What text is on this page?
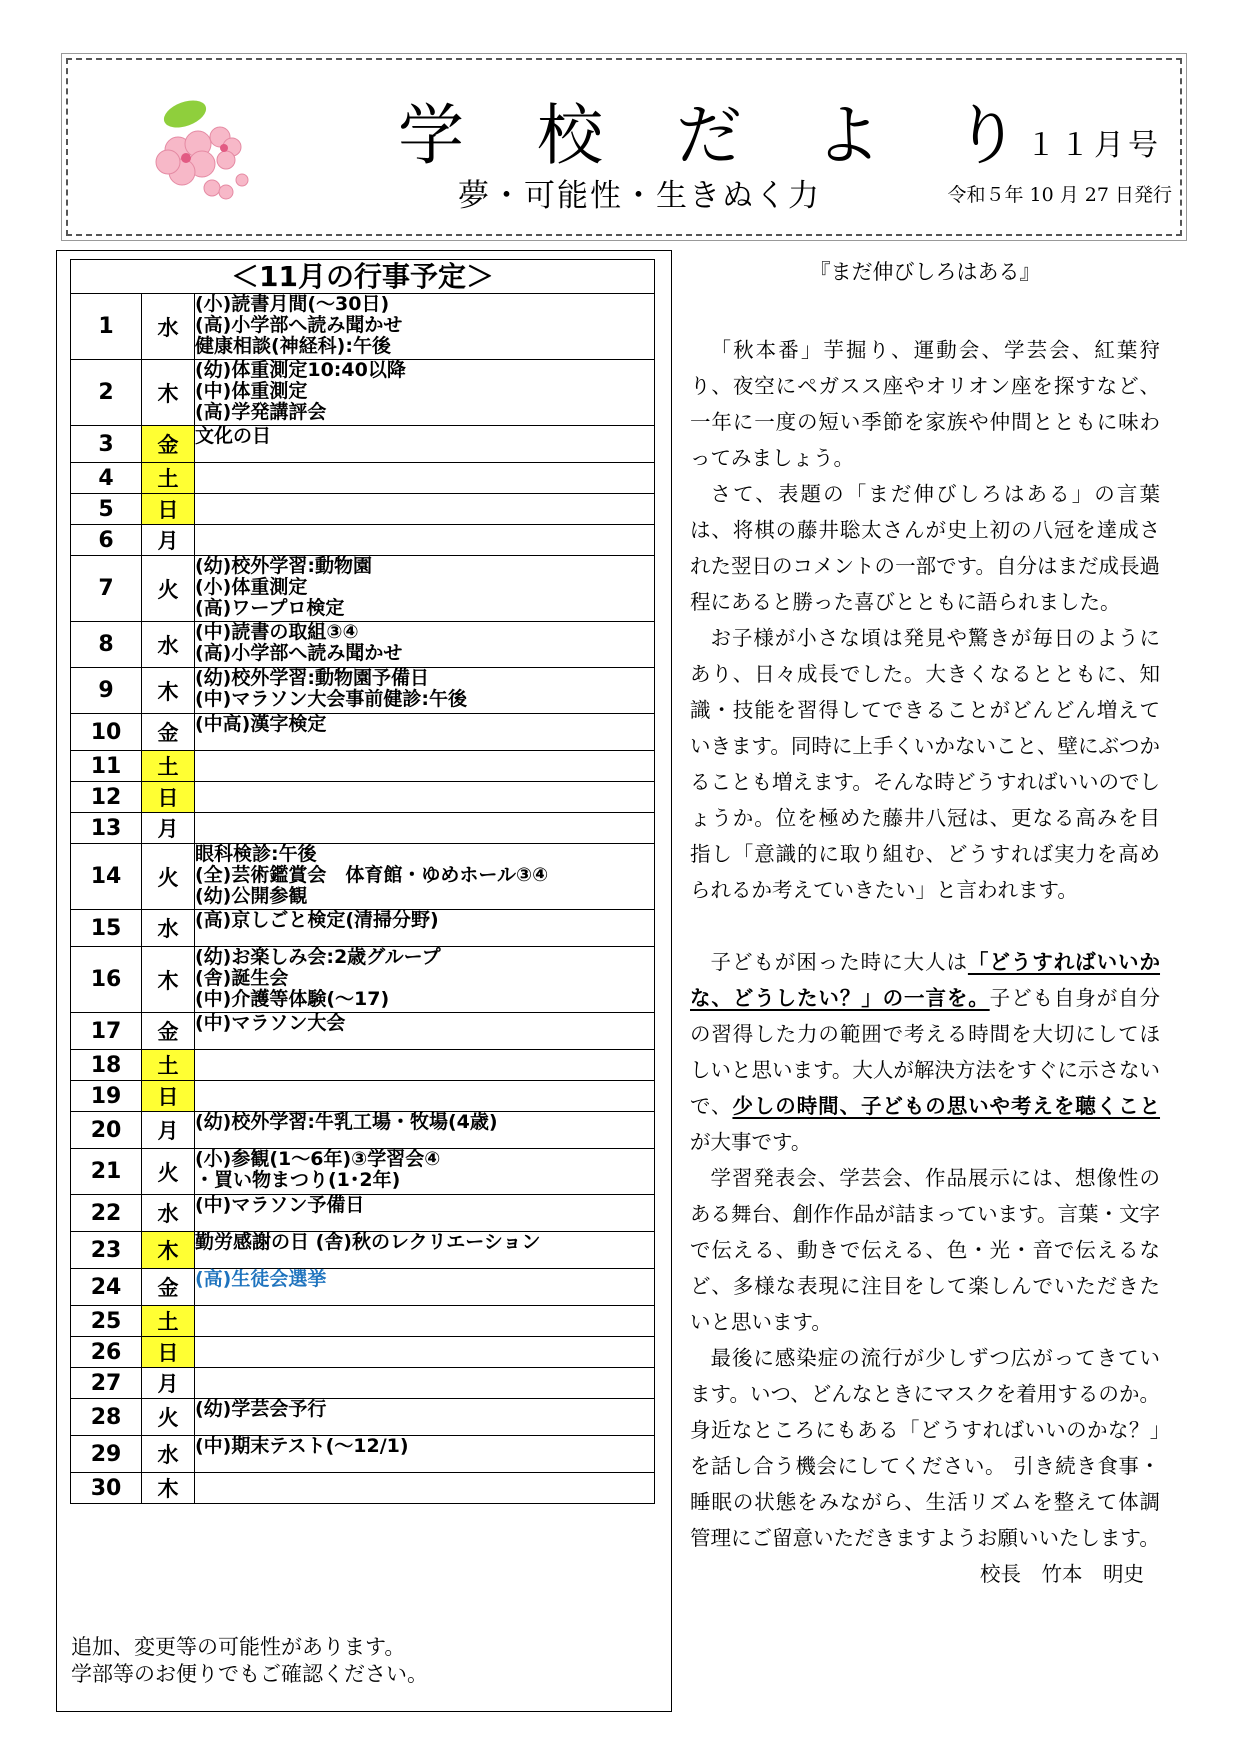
学 校 だ よ り
１１月号
夢・可能性・生きぬく力	令和５年 10 月 27 日発行
＜11月の行事予定＞		
1	水	(小)読書月間(～30日)
(高)小学部へ読み聞かせ
健康相談(神経科):午後

2	木	(幼)体重測定10:40以降
(中)体重測定
(高)学発講評会

3	金	文化の日

4	土	
5	日	
6	月	
7	火	(幼)校外学習:動物園
(小)体重測定
(高)ワープロ検定

8	水	(中)読書の取組③④
(高)小学部へ読み聞かせ

9	木	(幼)校外学習:動物園予備日
(中)マラソン大会事前健診:午後

10	金	(中高)漢字検定

11	土	
12	日	
13	月	
14	火	眼科検診:午後
(全)芸術鑑賞会　体育館・ゆめホール③④
(幼)公開参観

15	水	(高)京しごと検定(清掃分野)

16	木	(幼)お楽しみ会:2歳グループ
(舎)誕生会
(中)介護等体験(～17)

17	金	(中)マラソン大会

18	土	
19	日	
20	月	(幼)校外学習:牛乳工場・牧場(4歳)

21	火	(小)参観(1～6年)③学習会④
・買い物まつり(1･2年)

22	水	(中)マラソン予備日

23	木	勤労感謝の日 (舎)秋のレクリエーション

24	金	(高)生徒会選挙

25	土	
26	日	
27	月	
28	火	(幼)学芸会予行

29	水	(中)期末テスト(～12/1)

30	木	
追加、変更等の可能性があります。
学部等のお便りでもご確認ください。
『まだ伸びしろはある』

「秋本番」芋掘り、運動会、学芸会、紅葉狩り、夜空にペガスス座やオリオン座を探すなど、一年に一度の短い季節を家族や仲間とともに味わってみましょう。

さて、表題の「まだ伸びしろはある」の言葉は、将棋の藤井聡太さんが史上初の八冠を達成された翌日のコメントの一部です。自分はまだ成長過程にあると勝った喜びとともに語られました。

お子様が小さな頃は発見や驚きが毎日のようにあり、日々成長でした。大きくなるとともに、知識・技能を習得してできることがどんどん増えていきます。同時に上手くいかないこと、壁にぶつかることも増えます。そんな時どうすればいいのでしょうか。位を極めた藤井八冠は、更なる高みを目指し「意識的に取り組む、どうすれば実力を高められるか考えていきたい」と言われます。

子どもが困った時に大人は「どうすればいいかな、どうしたい？」の一言を。子ども自身が自分の習得した力の範囲で考える時間を大切にしてほしいと思います。大人が解決方法をすぐに示さないで、少しの時間、子どもの思いや考えを聴くことが大事です。

学習発表会、学芸会、作品展示には、想像性のある舞台、創作作品が詰まっています。言葉・文字で伝える、動きで伝える、色・光・音で伝えるなど、多様な表現に注目をして楽しんでいただきたいと思います。

最後に感染症の流行が少しずつ広がってきています。いつ、どんなときにマスクを着用するのか。身近なところにもある「どうすればいいのかな？」を話し合う機会にしてください。 引き続き食事・睡眠の状態をみながら、生活リズムを整えて体調管理にご留意いただきますようお願いいたします。

校長　竹本　明史
